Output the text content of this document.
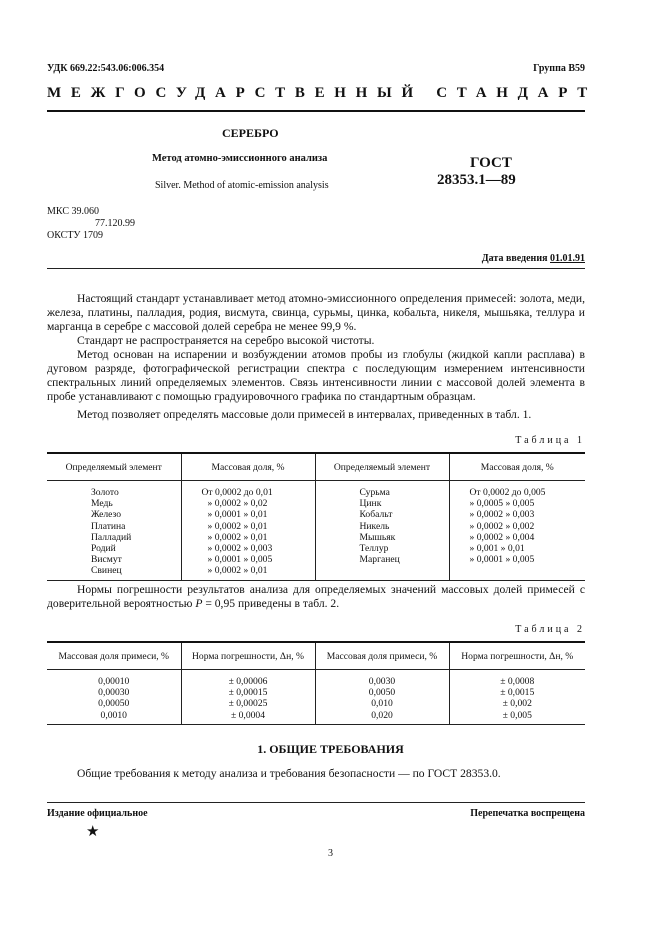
УДК 669.22:543.06:006.354	Группа В59
МЕЖГОСУДАРСТВЕННЫЙ СТАНДАРТ
СЕРЕБРО
Метод атомно-эмиссионного анализа
Silver. Method of atomic-emission analysis
ГОСТ
28353.1—89
МКС 39.060
77.120.99
ОКСТУ 1709
Дата введения 01.01.91
Настоящий стандарт устанавливает метод атомно-эмиссионного определения примесей: золота, меди, железа, платины, палладия, родия, висмута, свинца, сурьмы, цинка, кобальта, никеля, мышьяка, теллура и марганца в серебре с массовой долей серебра не менее 99,9 %.
Стандарт не распространяется на серебро высокой чистоты.
Метод основан на испарении и возбуждении атомов пробы из глобулы (жидкой капли расплава) в дуговом разряде, фотографической регистрации спектра с последующим измерением интенсивности спектральных линий определяемых элементов. Связь интенсивности линии с массовой долей элемента в пробе устанавливают с помощью градуировочного графика по стандартным образцам.
Метод позволяет определять массовые доли примесей в интервалах, приведенных в табл. 1.
Таблица 1
Определяемый элемент	Массовая доля, %	Определяемый элемент	Массовая доля, %
Золото	От 0,0002 до 0,01	Сурьма	От 0,0002 до 0,005
Медь	» 0,0002 » 0,02	Цинк	» 0,0005 » 0,005
Железо	» 0,0001 » 0,01	Кобальт	» 0,0002 » 0,003
Платина	» 0,0002 » 0,01	Никель	» 0,0002 » 0,002
Палладий	» 0,0002 » 0,01	Мышьяк	» 0,0002 » 0,004
Родий	» 0,0002 » 0,003	Теллур	» 0,001 » 0,01
Висмут	» 0,0001 » 0,005	Марганец	» 0,0001 » 0,005
Свинец	» 0,0002 » 0,01		
Нормы погрешности результатов анализа для определяемых значений массовых долей примесей с доверительной вероятностью P = 0,95 приведены в табл. 2.
Таблица 2
Массовая доля примеси, %	Норма погрешности, Δн, %	Массовая доля примеси, %	Норма погрешности, Δн, %
0,00010	± 0,00006	0,0030	± 0,0008
0,00030	± 0,00015	0,0050	± 0,0015
0,00050	± 0,00025	0,010	± 0,002
0,0010	± 0,0004	0,020	± 0,005
1. ОБЩИЕ ТРЕБОВАНИЯ
Общие требования к методу анализа и требования безопасности — по ГОСТ 28353.0.
Издание официальное	Перепечатка воспрещена
★
3
